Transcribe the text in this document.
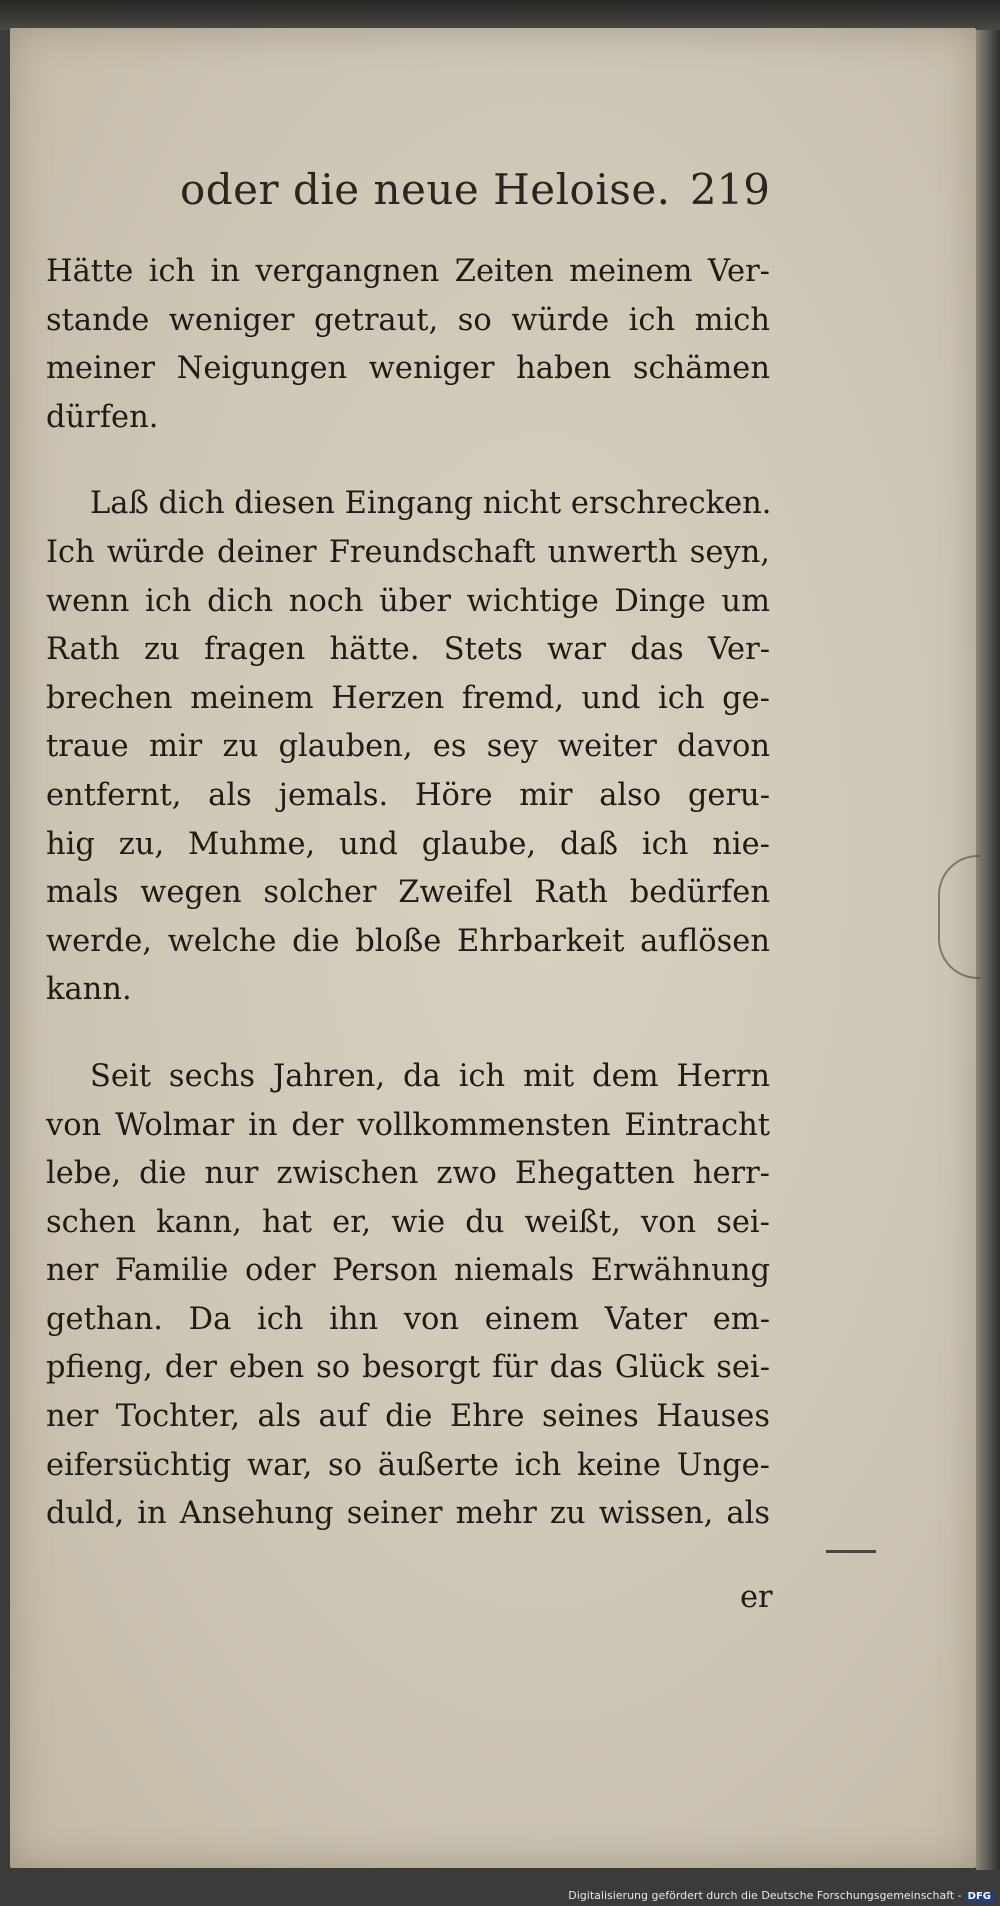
oder die neue Heloise. 219
Hätte ich in vergangnen Zeiten meinem Ver-
stande weniger getraut, so würde ich mich
meiner Neigungen weniger haben schämen
dürfen.
Laß dich diesen Eingang nicht erschrecken.
Ich würde deiner Freundschaft unwerth seyn,
wenn ich dich noch über wichtige Dinge um
Rath zu fragen hätte. Stets war das Ver-
brechen meinem Herzen fremd, und ich ge-
traue mir zu glauben, es sey weiter davon
entfernt, als jemals. Höre mir also geru-
hig zu, Muhme, und glaube, daß ich nie-
mals wegen solcher Zweifel Rath bedürfen
werde, welche die bloße Ehrbarkeit auflösen
kann.
Seit sechs Jahren, da ich mit dem Herrn
von Wolmar in der vollkommensten Eintracht
lebe, die nur zwischen zwo Ehegatten herr-
schen kann, hat er, wie du weißt, von sei-
ner Familie oder Person niemals Erwähnung
gethan. Da ich ihn von einem Vater em-
pfieng, der eben so besorgt für das Glück sei-
ner Tochter, als auf die Ehre seines Hauses
eifersüchtig war, so äußerte ich keine Unge-
duld, in Ansehung seiner mehr zu wissen, als
er
Digitalisierung gefördert durch die Deutsche Forschungsgemeinschaft - DFG
